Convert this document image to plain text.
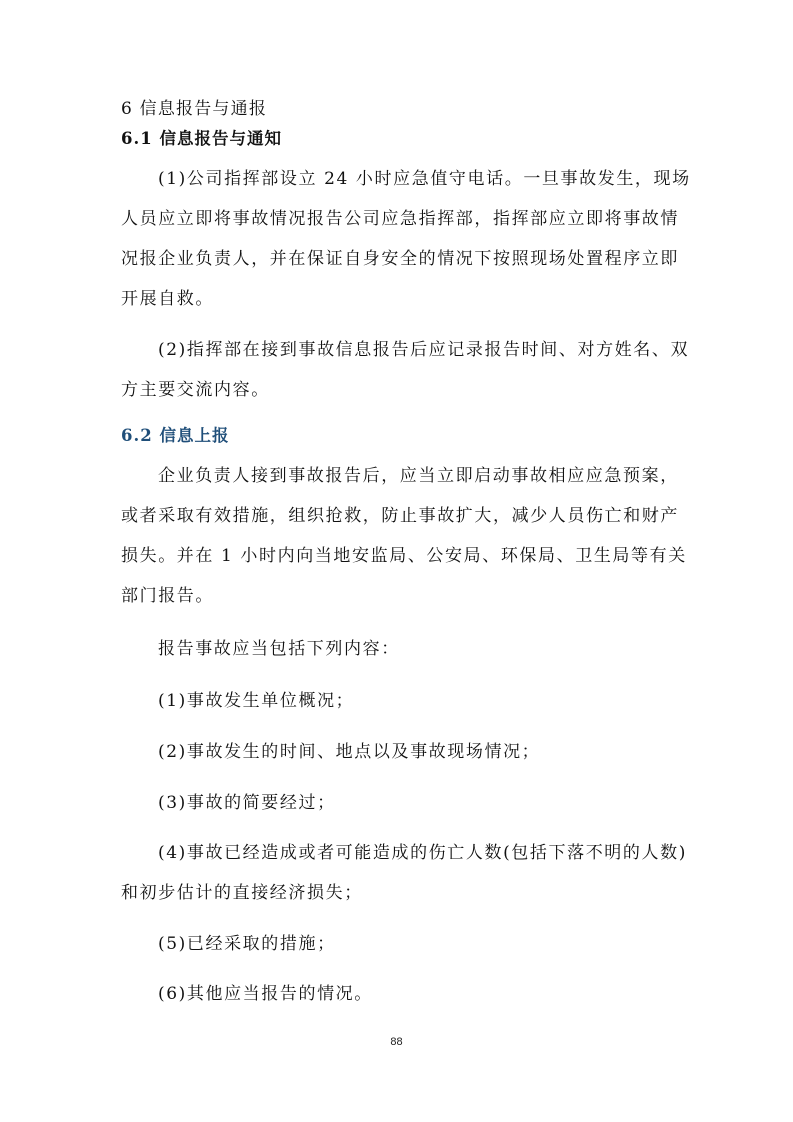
6 信息报告与通报
6.1 信息报告与通知
(1)公司指挥部设立 24 小时应急值守电话。一旦事故发生，现场
人员应立即将事故情况报告公司应急指挥部，指挥部应立即将事故情
况报企业负责人，并在保证自身安全的情况下按照现场处置程序立即
开展自救。
(2)指挥部在接到事故信息报告后应记录报告时间、对方姓名、双
方主要交流内容。
6.2 信息上报
企业负责人接到事故报告后，应当立即启动事故相应应急预案，
或者采取有效措施，组织抢救，防止事故扩大，减少人员伤亡和财产
损失。并在 1 小时内向当地安监局、公安局、环保局、卫生局等有关
部门报告。
报告事故应当包括下列内容：
(1)事故发生单位概况；
(2)事故发生的时间、地点以及事故现场情况；
(3)事故的简要经过；
(4)事故已经造成或者可能造成的伤亡人数(包括下落不明的人数)
和初步估计的直接经济损失；
(5)已经采取的措施；
(6)其他应当报告的情况。
88
